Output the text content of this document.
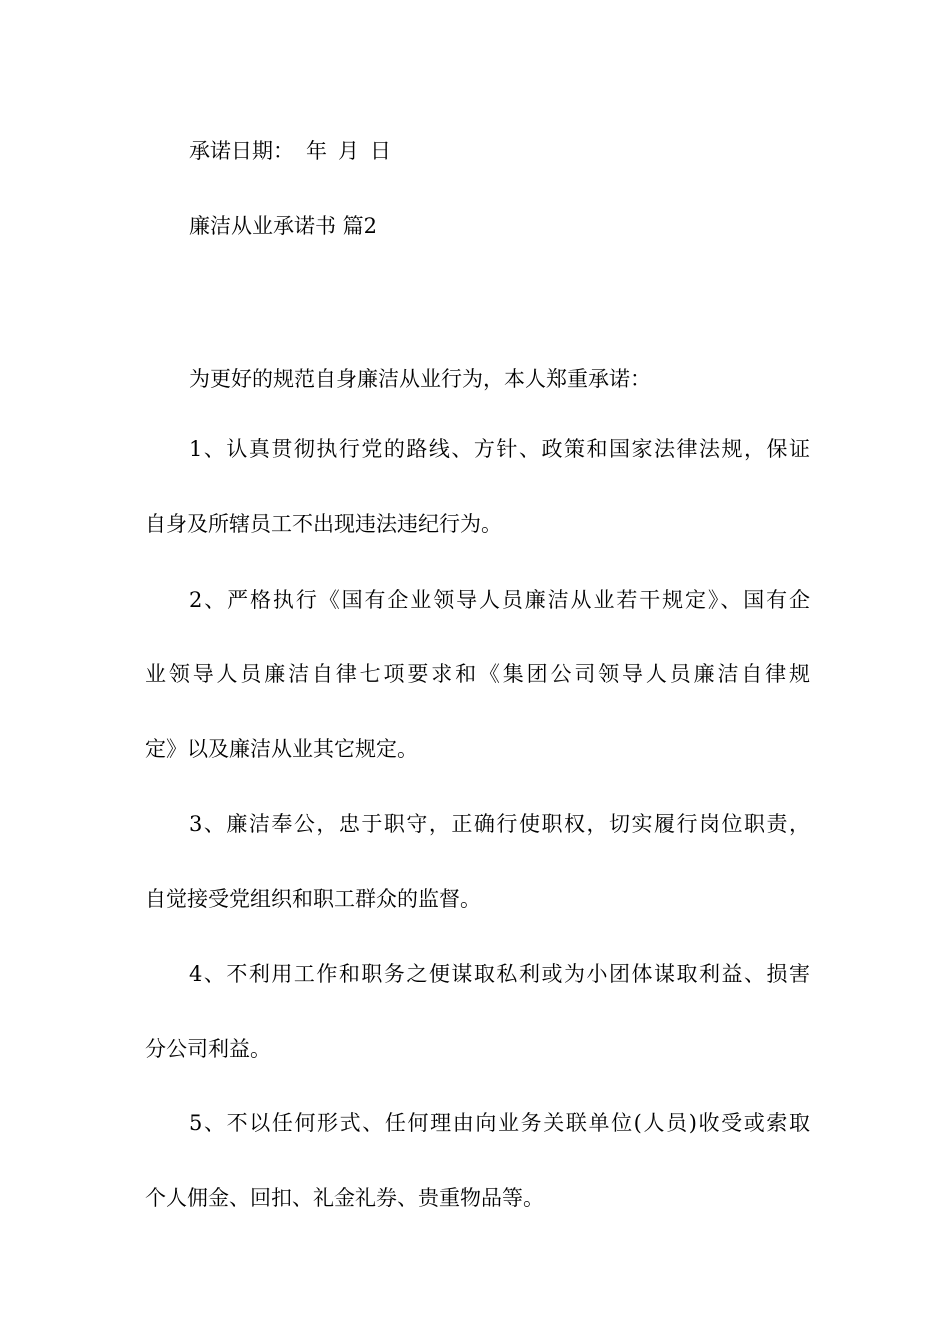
承诺日期： 年 月 日
廉洁从业承诺书 篇2
为更好的规范自身廉洁从业行为，本人郑重承诺：
1、认真贯彻执行党的路线、方针、政策和国家法律法规，保证
自身及所辖员工不出现违法违纪行为。
2、严格执行《国有企业领导人员廉洁从业若干规定》、国有企
业领导人员廉洁自律七项要求和《集团公司领导人员廉洁自律规
定》以及廉洁从业其它规定。
3、廉洁奉公，忠于职守，正确行使职权，切实履行岗位职责，
自觉接受党组织和职工群众的监督。
4、不利用工作和职务之便谋取私利或为小团体谋取利益、损害
分公司利益。
5、不以任何形式、任何理由向业务关联单位(人员)收受或索取
个人佣金、回扣、礼金礼券、贵重物品等。
